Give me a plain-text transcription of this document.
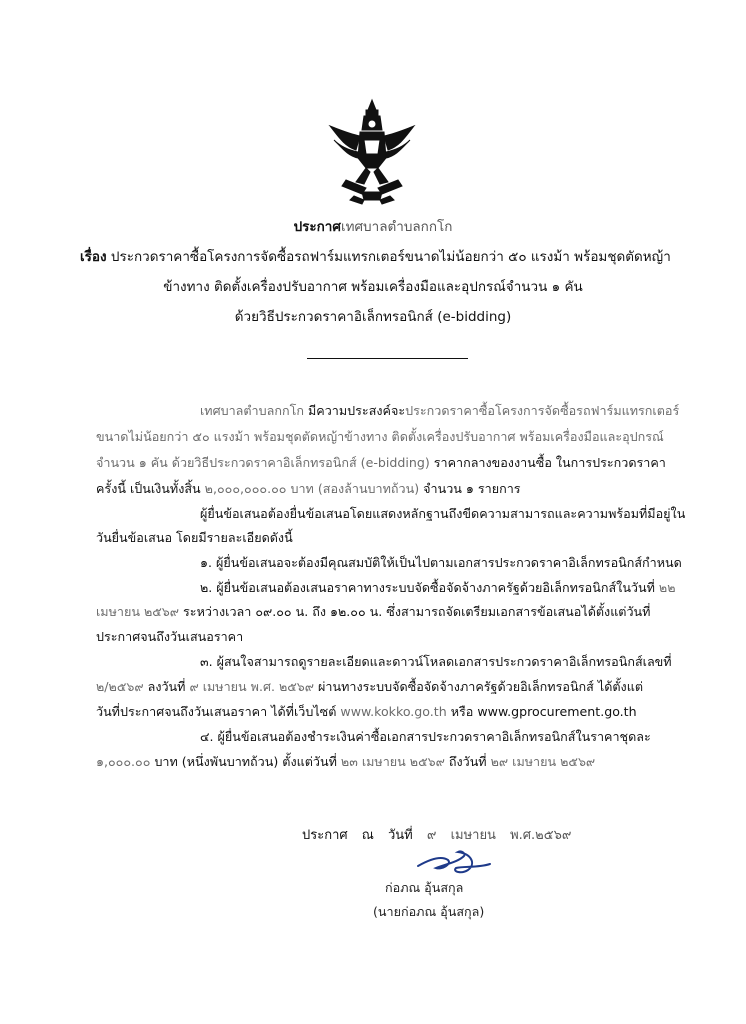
ประกาศเทศบาลตำบลกกโก
เรื่อง ประกวดราคาซื้อโครงการจัดซื้อรถฟาร์มแทรกเตอร์ขนาดไม่น้อยกว่า ๕๐ แรงม้า พร้อมชุดตัดหญ้า
ข้างทาง ติดตั้งเครื่องปรับอากาศ พร้อมเครื่องมือและอุปกรณ์จำนวน ๑ คัน
ด้วยวิธีประกวดราคาอิเล็กทรอนิกส์ (e-bidding)
เทศบาลตำบลกกโก มีความประสงค์จะประกวดราคาซื้อโครงการจัดซื้อรถฟาร์มแทรกเตอร์
ขนาดไม่น้อยกว่า ๕๐ แรงม้า พร้อมชุดตัดหญ้าข้างทาง ติดตั้งเครื่องปรับอากาศ พร้อมเครื่องมือและอุปกรณ์
จำนวน ๑ คัน ด้วยวิธีประกวดราคาอิเล็กทรอนิกส์ (e-bidding) ราคากลางของงานซื้อ ในการประกวดราคา
ครั้งนี้ เป็นเงินทั้งสิ้น ๒,๐๐๐,๐๐๐.๐๐ บาท (สองล้านบาทถ้วน) จำนวน ๑ รายการ
ผู้ยื่นข้อเสนอต้องยื่นข้อเสนอโดยแสดงหลักฐานถึงขีดความสามารถและความพร้อมที่มีอยู่ใน
วันยื่นข้อเสนอ โดยมีรายละเอียดดังนี้
๑. ผู้ยื่นข้อเสนอจะต้องมีคุณสมบัติให้เป็นไปตามเอกสารประกวดราคาอิเล็กทรอนิกส์กำหนด
๒. ผู้ยื่นข้อเสนอต้องเสนอราคาทางระบบจัดซื้อจัดจ้างภาครัฐด้วยอิเล็กทรอนิกส์ในวันที่ ๒๒
เมษายน ๒๕๖๙ ระหว่างเวลา ๐๙.๐๐ น. ถึง ๑๒.๐๐ น. ซึ่งสามารถจัดเตรียมเอกสารข้อเสนอได้ตั้งแต่วันที่
ประกาศจนถึงวันเสนอราคา
๓. ผู้สนใจสามารถดูรายละเอียดและดาวน์โหลดเอกสารประกวดราคาอิเล็กทรอนิกส์เลขที่
๒/๒๕๖๙ ลงวันที่ ๙ เมษายน พ.ศ. ๒๕๖๙ ผ่านทางระบบจัดซื้อจัดจ้างภาครัฐด้วยอิเล็กทรอนิกส์ ได้ตั้งแต่
วันที่ประกาศจนถึงวันเสนอราคา ได้ที่เว็บไซต์ www.kokko.go.th หรือ www.gprocurement.go.th
๔. ผู้ยื่นข้อเสนอต้องชำระเงินค่าซื้อเอกสารประกวดราคาอิเล็กทรอนิกส์ในราคาชุดละ
๑,๐๐๐.๐๐ บาท (หนึ่งพันบาทถ้วน) ตั้งแต่วันที่ ๒๓ เมษายน ๒๕๖๙ ถึงวันที่ ๒๙ เมษายน ๒๕๖๙
ประกาศ ณ วันที่ ๙ เมษายน พ.ศ.๒๕๖๙
ก่อภณ อุ้นสกุล
(นายก่อภณ อุ้นสกุล)
